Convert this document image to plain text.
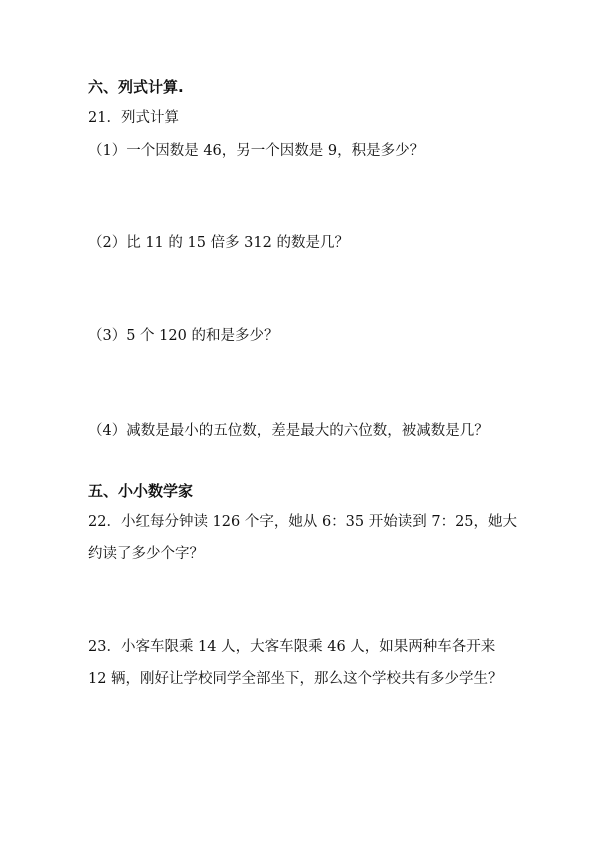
六、列式计算.
21．列式计算
（1）一个因数是 46，另一个因数是 9，积是多少？
（2）比 11 的 15 倍多 312 的数是几？
（3）5 个 120 的和是多少？
（4）减数是最小的五位数，差是最大的六位数，被减数是几？
五、小小数学家
22．小红每分钟读 126 个字，她从 6：35 开始读到 7：25，她大
约读了多少个字？
23．小客车限乘 14 人，大客车限乘 46 人，如果两种车各开来
12 辆，刚好让学校同学全部坐下，那么这个学校共有多少学生？
